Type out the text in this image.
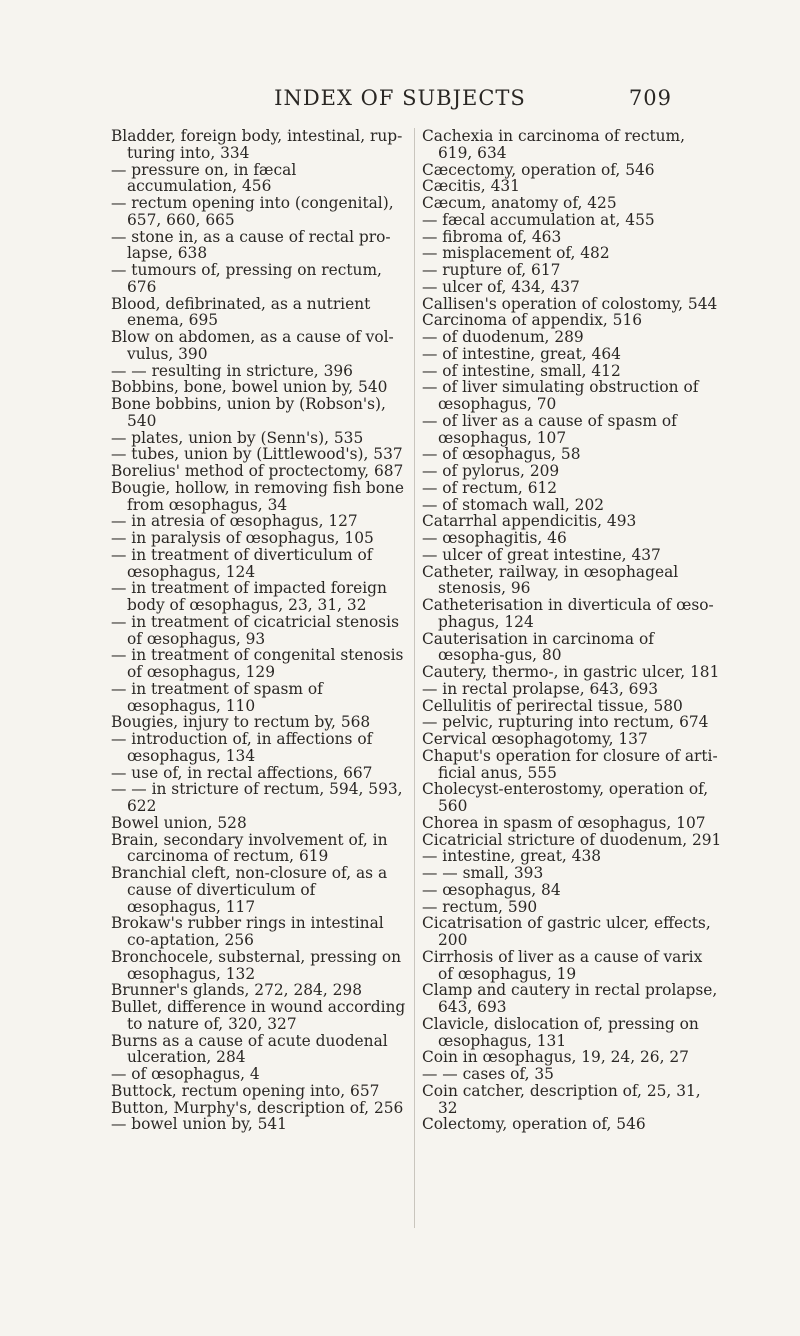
INDEX OF SUBJECTS	709

Bladder, foreign body, intestinal, rup-turing into, 334

— pressure on, in fæcal accumulation, 456

— rectum opening into (congenital), 657, 660, 665

— stone in, as a cause of rectal pro-lapse, 638

— tumours of, pressing on rectum, 676

Blood, defibrinated, as a nutrient enema, 695

Blow on abdomen, as a cause of vol-vulus, 390

— — resulting in stricture, 396

Bobbins, bone, bowel union by, 540

Bone bobbins, union by (Robson's), 540

— plates, union by (Senn's), 535

— tubes, union by (Littlewood's), 537

Borelius' method of proctectomy, 687

Bougie, hollow, in removing fish bone from œsophagus, 34

— in atresia of œsophagus, 127

— in paralysis of œsophagus, 105

— in treatment of diverticulum of œsophagus, 124

— in treatment of impacted foreign body of œsophagus, 23, 31, 32

— in treatment of cicatricial stenosis of œsophagus, 93

— in treatment of congenital stenosis of œsophagus, 129

— in treatment of spasm of œsophagus, 110

Bougies, injury to rectum by, 568

— introduction of, in affections of œsophagus, 134

— use of, in rectal affections, 667

— — in stricture of rectum, 594, 593, 622

Bowel union, 528

Brain, secondary involvement of, in carcinoma of rectum, 619

Branchial cleft, non-closure of, as a cause of diverticulum of œsophagus, 117

Brokaw's rubber rings in intestinal co-aptation, 256

Bronchocele, substernal, pressing on œsophagus, 132

Brunner's glands, 272, 284, 298

Bullet, difference in wound according to nature of, 320, 327

Burns as a cause of acute duodenal ulceration, 284

— of œsophagus, 4

Buttock, rectum opening into, 657

Button, Murphy's, description of, 256

— bowel union by, 541

Cachexia in carcinoma of rectum, 619, 634

Cæcectomy, operation of, 546

Cæcitis, 431

Cæcum, anatomy of, 425

— fæcal accumulation at, 455

— fibroma of, 463

— misplacement of, 482

— rupture of, 617

— ulcer of, 434, 437

Callisen's operation of colostomy, 544

Carcinoma of appendix, 516

— of duodenum, 289

— of intestine, great, 464

— of intestine, small, 412

— of liver simulating obstruction of œsophagus, 70

— of liver as a cause of spasm of œsophagus, 107

— of œsophagus, 58

— of pylorus, 209

— of rectum, 612

— of stomach wall, 202

Catarrhal appendicitis, 493

— œsophagitis, 46

— ulcer of great intestine, 437

Catheter, railway, in œsophageal stenosis, 96

Catheterisation in diverticula of œso-phagus, 124

Cauterisation in carcinoma of œsopha-gus, 80

Cautery, thermo-, in gastric ulcer, 181

— in rectal prolapse, 643, 693

Cellulitis of perirectal tissue, 580

— pelvic, rupturing into rectum, 674

Cervical œsophagotomy, 137

Chaput's operation for closure of arti-ficial anus, 555

Cholecyst-enterostomy, operation of, 560

Chorea in spasm of œsophagus, 107

Cicatricial stricture of duodenum, 291

— intestine, great, 438

— — small, 393

— œsophagus, 84

— rectum, 590

Cicatrisation of gastric ulcer, effects, 200

Cirrhosis of liver as a cause of varix of œsophagus, 19

Clamp and cautery in rectal prolapse, 643, 693

Clavicle, dislocation of, pressing on œsophagus, 131

Coin in œsophagus, 19, 24, 26, 27

— — cases of, 35

Coin catcher, description of, 25, 31, 32

Colectomy, operation of, 546
